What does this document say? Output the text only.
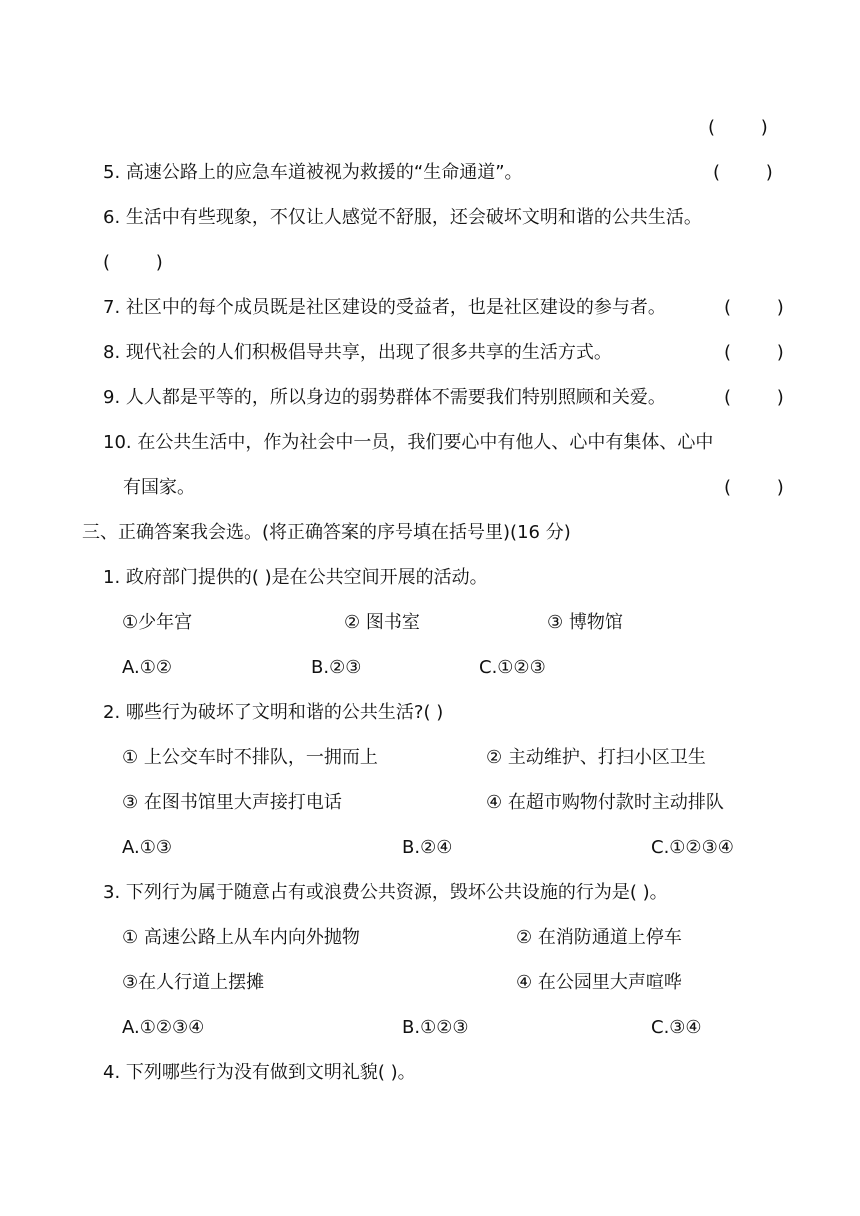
(        )
5. 高速公路上的应急车道被视为救援的“生命通道”。	(        )
6. 生活中有些现象，不仅让人感觉不舒服，还会破坏文明和谐的公共生活。
(        )
7. 社区中的每个成员既是社区建设的受益者，也是社区建设的参与者。	(        )
8. 现代社会的人们积极倡导共享，出现了很多共享的生活方式。	(        )
9. 人人都是平等的，所以身边的弱势群体不需要我们特别照顾和关爱。	(        )
10. 在公共生活中，作为社会中一员，我们要心中有他人、心中有集体、心中
有国家。	(        )
三、正确答案我会选。(将正确答案的序号填在括号里)(16 分)
1. 政府部门提供的( )是在公共空间开展的活动。
①少年宫	② 图书室	③ 博物馆
A.①②	B.②③	C.①②③
2. 哪些行为破坏了文明和谐的公共生活?( )
① 上公交车时不排队，一拥而上	② 主动维护、打扫小区卫生
③ 在图书馆里大声接打电话	④ 在超市购物付款时主动排队
A.①③	B.②④	C.①②③④
3. 下列行为属于随意占有或浪费公共资源，毁坏公共设施的行为是( )。
① 高速公路上从车内向外抛物	② 在消防通道上停车
③在人行道上摆摊	④ 在公园里大声喧哗
A.①②③④	B.①②③	C.③④
4. 下列哪些行为没有做到文明礼貌( )。
